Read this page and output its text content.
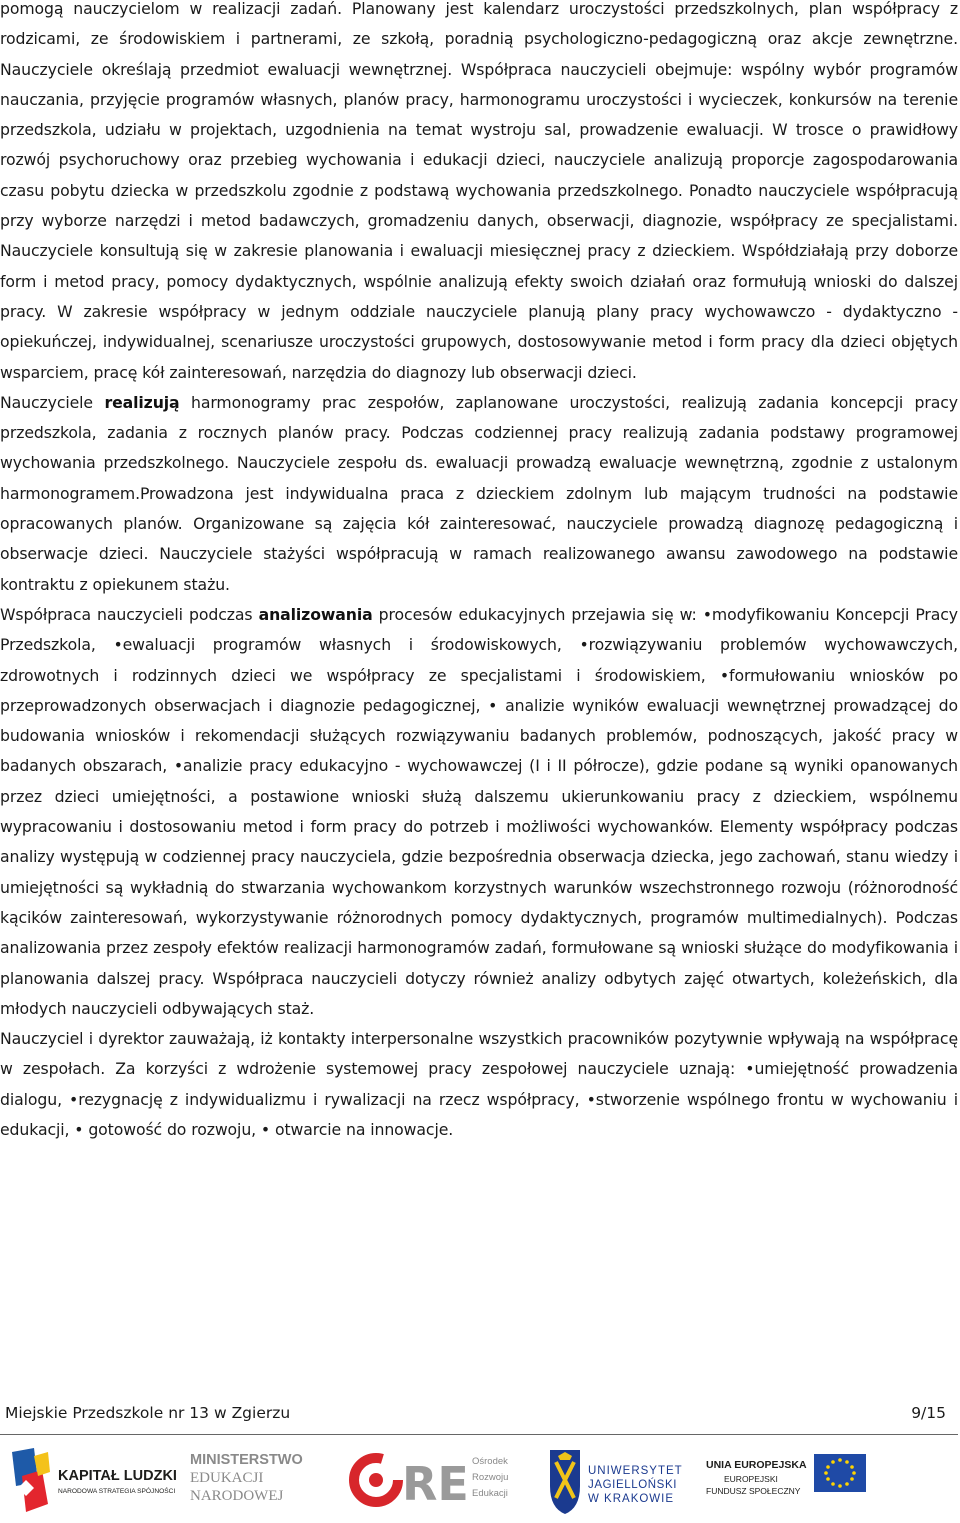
pomogą nauczycielom w realizacji zadań. Planowany jest kalendarz uroczystości przedszkolnych, plan współpracy z rodzicami, ze środowiskiem i partnerami, ze szkołą, poradnią psychologiczno-pedagogiczną oraz akcje zewnętrzne. Nauczyciele określają przedmiot ewaluacji wewnętrznej. Współpraca nauczycieli obejmuje: wspólny wybór programów nauczania, przyjęcie programów własnych, planów pracy, harmonogramu uroczystości i wycieczek, konkursów na terenie przedszkola, udziału w projektach, uzgodnienia na temat wystroju sal, prowadzenie ewaluacji. W trosce o prawidłowy rozwój psychoruchowy oraz przebieg wychowania i edukacji dzieci, nauczyciele analizują proporcje zagospodarowania czasu pobytu dziecka w przedszkolu zgodnie z podstawą wychowania przedszkolnego. Ponadto nauczyciele współpracują przy wyborze narzędzi i metod badawczych, gromadzeniu danych, obserwacji, diagnozie, współpracy ze specjalistami. Nauczyciele konsultują się w zakresie planowania i ewaluacji miesięcznej pracy z dzieckiem. Współdziałają przy doborze form i metod pracy, pomocy dydaktycznych, wspólnie analizują efekty swoich działań oraz formułują wnioski do dalszej pracy. W zakresie współpracy w jednym oddziale nauczyciele planują plany pracy wychowawczo - dydaktyczno - opiekuńczej, indywidualnej, scenariusze uroczystości grupowych, dostosowywanie metod i form pracy dla dzieci objętych wsparciem, pracę kół zainteresowań, narzędzia do diagnozy lub obserwacji dzieci.

Nauczyciele realizują harmonogramy prac zespołów, zaplanowane uroczystości, realizują zadania koncepcji pracy przedszkola, zadania z rocznych planów pracy. Podczas codziennej pracy realizują zadania podstawy programowej wychowania przedszkolnego. Nauczyciele zespołu ds. ewaluacji prowadzą ewaluacje wewnętrzną, zgodnie z ustalonym harmonogramem.Prowadzona jest indywidualna praca z dzieckiem zdolnym lub mającym trudności na podstawie opracowanych planów. Organizowane są zajęcia kół zainteresować, nauczyciele prowadzą diagnozę pedagogiczną i obserwacje dzieci. Nauczyciele stażyści współpracują w ramach realizowanego awansu zawodowego na podstawie kontraktu z opiekunem stażu.

Współpraca nauczycieli podczas analizowania procesów edukacyjnych przejawia się w: •modyfikowaniu Koncepcji Pracy Przedszkola, •ewaluacji programów własnych i środowiskowych, •rozwiązywaniu problemów wychowawczych, zdrowotnych i rodzinnych dzieci we współpracy ze specjalistami i środowiskiem, •formułowaniu wniosków po przeprowadzonych obserwacjach i diagnozie pedagogicznej, • analizie wyników ewaluacji wewnętrznej prowadzącej do budowania wniosków i rekomendacji służących rozwiązywaniu badanych problemów, podnoszących, jakość pracy w badanych obszarach, •analizie pracy edukacyjno - wychowawczej (I i II półrocze), gdzie podane są wyniki opanowanych przez dzieci umiejętności, a postawione wnioski służą dalszemu ukierunkowaniu pracy z dzieckiem, wspólnemu wypracowaniu i dostosowaniu metod i form pracy do potrzeb i możliwości wychowanków. Elementy współpracy podczas analizy występują w codziennej pracy nauczyciela, gdzie bezpośrednia obserwacja dziecka, jego zachowań, stanu wiedzy i umiejętności są wykładnią do stwarzania wychowankom korzystnych warunków wszechstronnego rozwoju (różnorodność kącików zainteresowań, wykorzystywanie różnorodnych pomocy dydaktycznych, programów multimedialnych). Podczas analizowania przez zespoły efektów realizacji harmonogramów zadań, formułowane są wnioski służące do modyfikowania i planowania dalszej pracy. Współpraca nauczycieli dotyczy również analizy odbytych zajęć otwartych, koleżeńskich, dla młodych nauczycieli odbywających staż.

Nauczyciel i dyrektor zauważają, iż kontakty interpersonalne wszystkich pracowników pozytywnie wpływają na współpracę w zespołach. Za korzyści z wdrożenie systemowej pracy zespołowej nauczyciele uznają: •umiejętność prowadzenia dialogu, •rezygnację z indywidualizmu i rywalizacji na rzecz współpracy, •stworzenie wspólnego frontu w wychowaniu i edukacji, • gotowość do rozwoju, • otwarcie na innowacje.

Miejskie Przedszkole nr 13 w Zgierzu	9/15
KAPITAŁ LUDZKI
NARODOWA STRATEGIA SPÓJNOŚCI
MINISTERSTWO
EDUKACJI
NARODOWEJ	RE Ośrodek
Rozwoju
Edukacji
UNIWERSYTET
JAGIELLOŃSKI
W KRAKOWIE
UNIA EUROPEJSKA
EUROPEJSKI
FUNDUSZ SPOŁECZNY
